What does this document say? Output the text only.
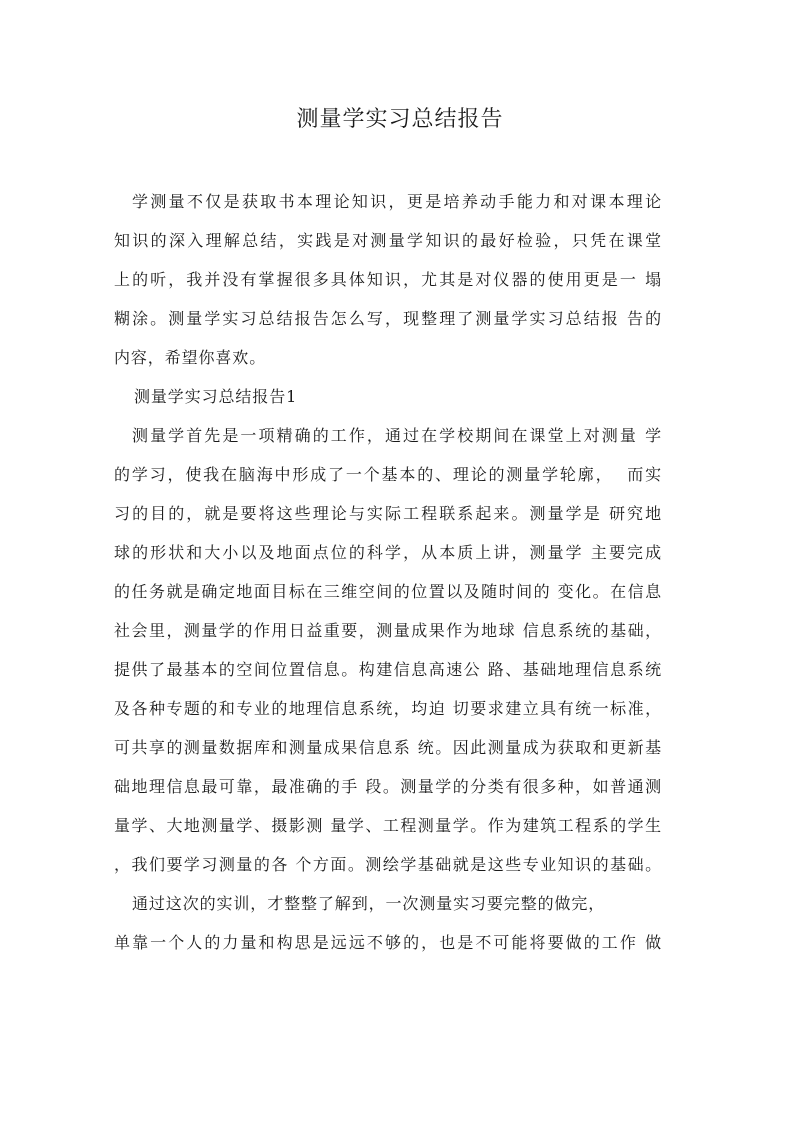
测量学实习总结报告
学测量不仅是获取书本理论知识，更是培养动手能力和对课本理论
知识的深入理解总结，实践是对测量学知识的最好检验，只凭在课堂
上的听，我并没有掌握很多具体知识，尤其是对仪器的使用更是一 塌
糊涂。测量学实习总结报告怎么写，现整理了测量学实习总结报 告的
内容，希望你喜欢。
测量学实习总结报告1
测量学首先是一项精确的工作，通过在学校期间在课堂上对测量 学
的学习，使我在脑海中形成了一个基本的、理论的测量学轮廓，  而实
习的目的，就是要将这些理论与实际工程联系起来。测量学是 研究地
球的形状和大小以及地面点位的科学，从本质上讲，测量学 主要完成
的任务就是确定地面目标在三维空间的位置以及随时间的 变化。在信息
社会里，测量学的作用日益重要，测量成果作为地球 信息系统的基础，
提供了最基本的空间位置信息。构建信息高速公 路、基础地理信息系统
及各种专题的和专业的地理信息系统，均迫 切要求建立具有统一标准，
可共享的测量数据库和测量成果信息系 统。因此测量成为获取和更新基
础地理信息最可靠，最准确的手 段。测量学的分类有很多种，如普通测
量学、大地测量学、摄影测 量学、工程测量学。作为建筑工程系的学生
，我们要学习测量的各 个方面。测绘学基础就是这些专业知识的基础。
通过这次的实训，才整整了解到，一次测量实习要完整的做完，
单靠一个人的力量和构思是远远不够的，也是不可能将要做的工作 做
